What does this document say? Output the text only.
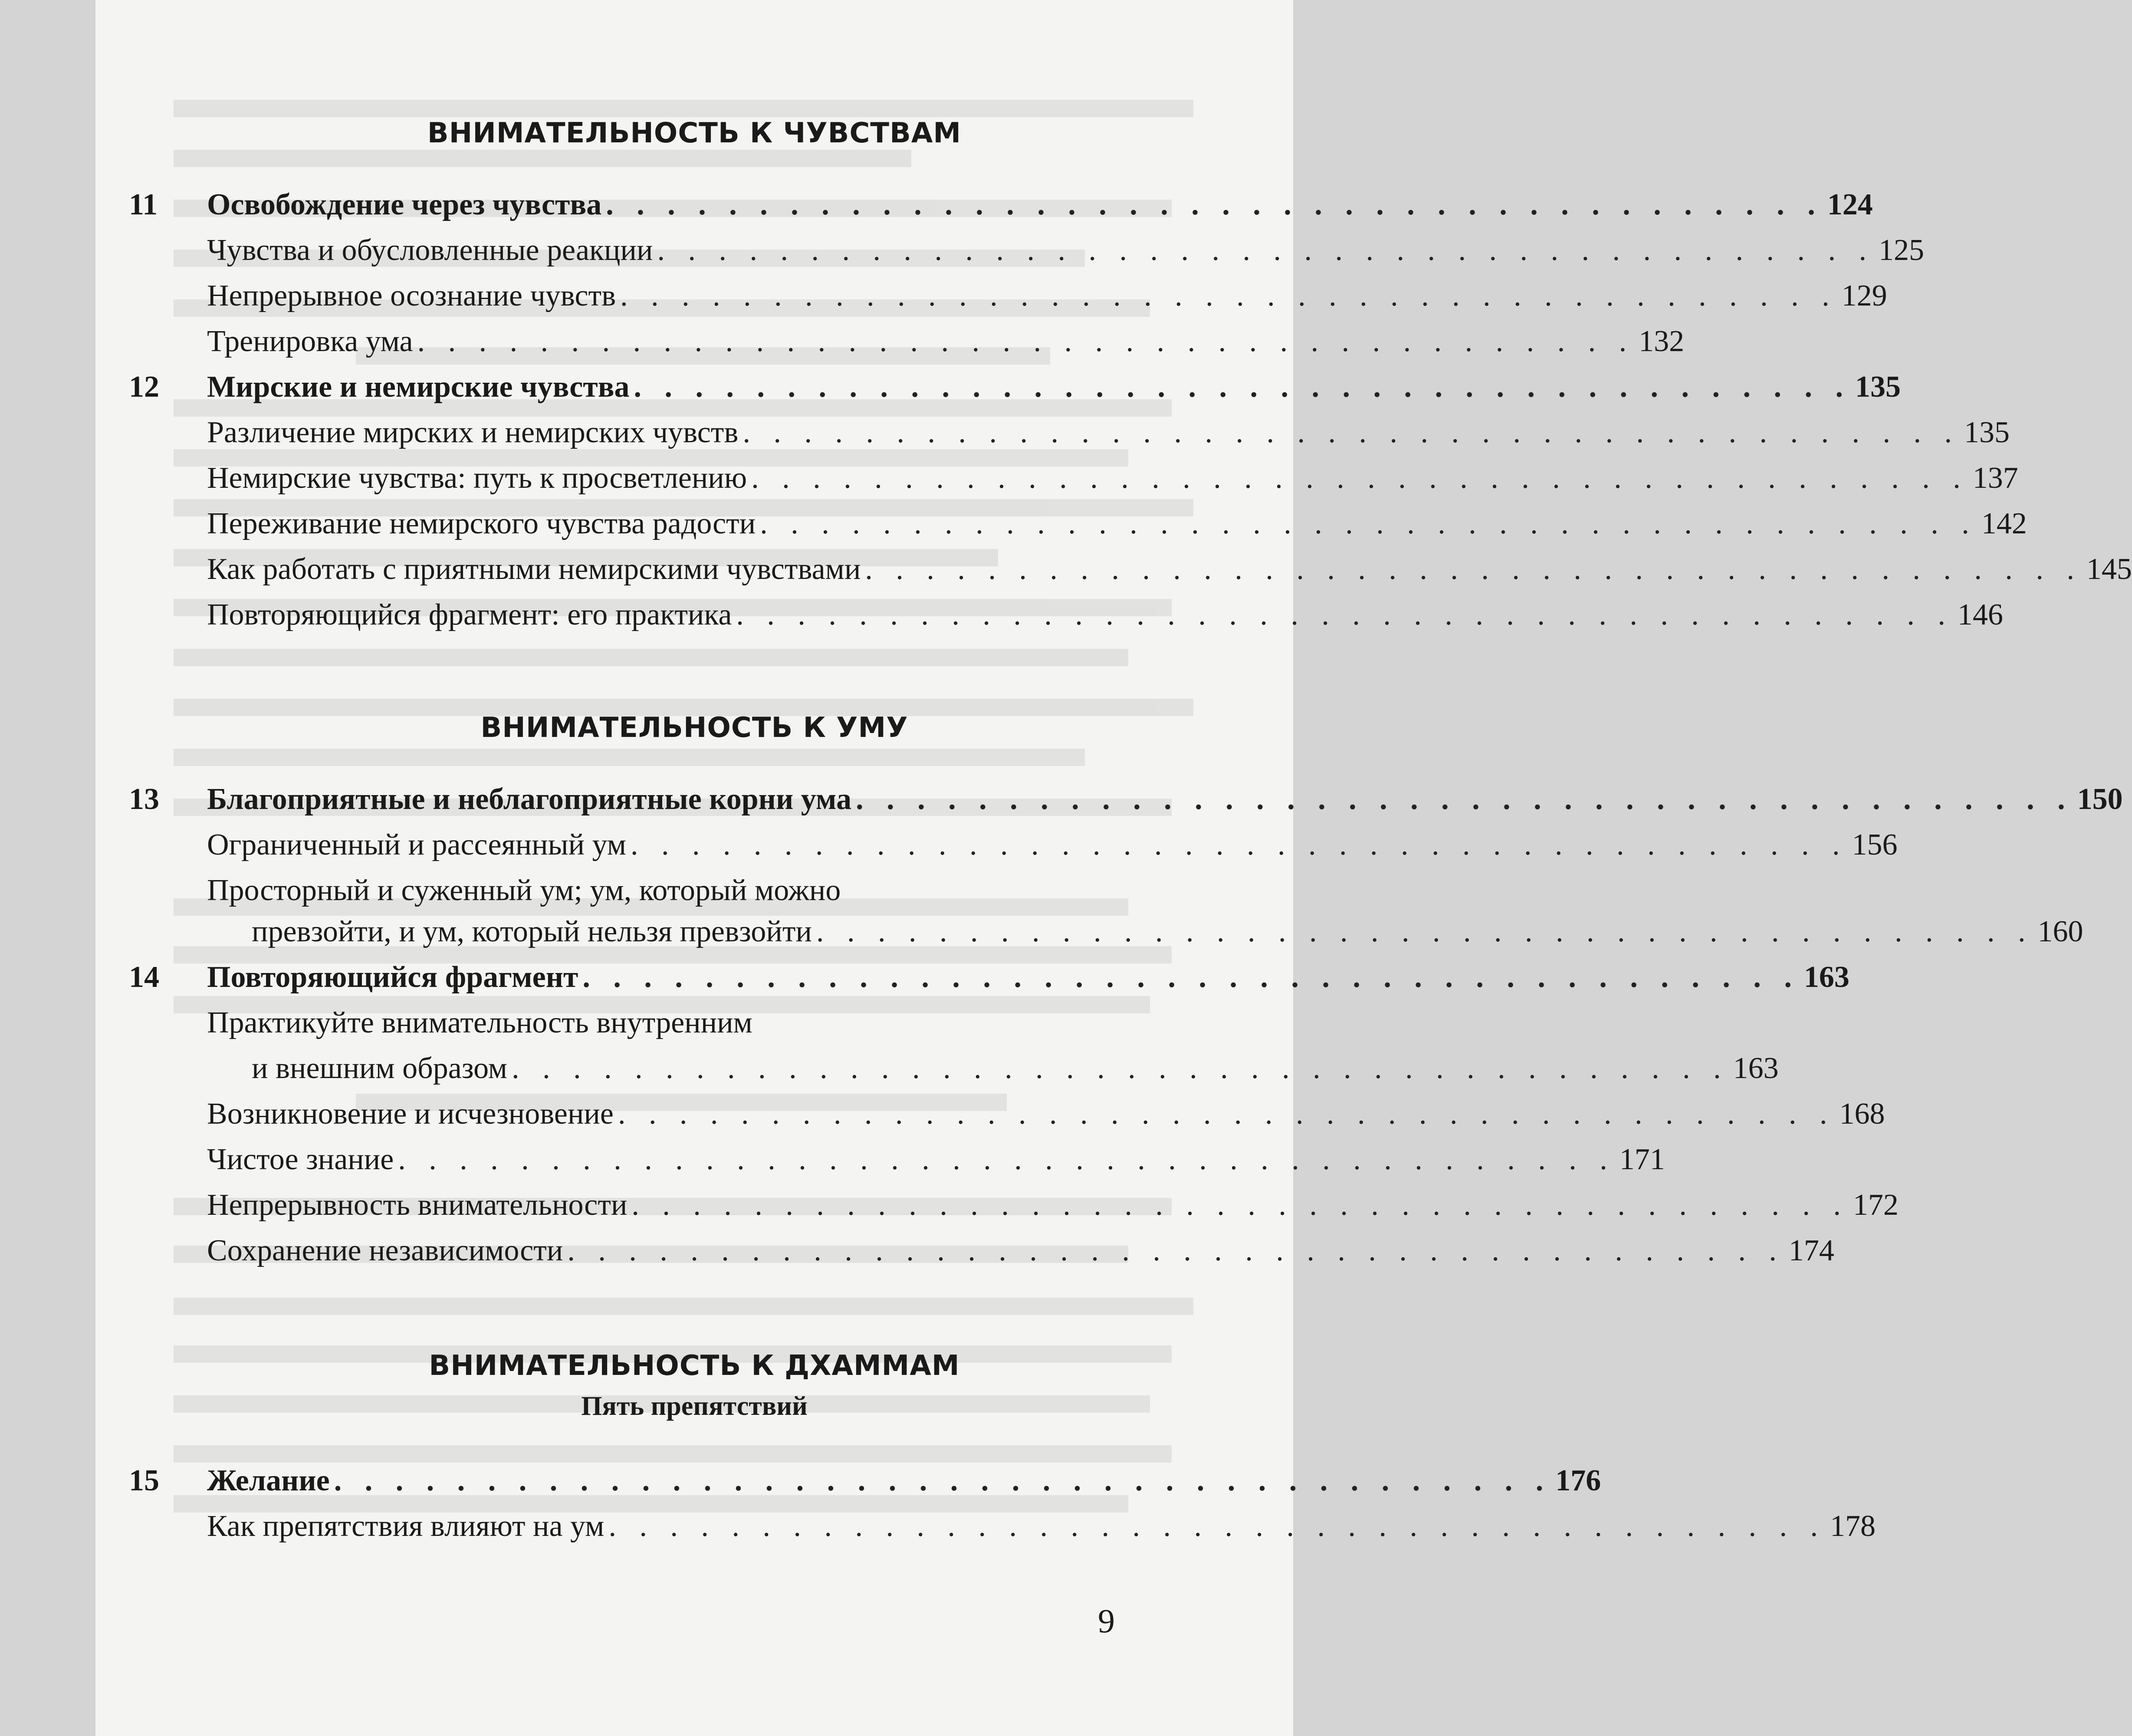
ВНИМАТЕЛЬНОСТЬ К ЧУВСТВАМ
11 Освобождение через чувства . . . . . . . . . . . . . . . . . . . . . . . . . . . . . . . . . . . . . . . . 124
Чувства и обусловленные реакции . . . . . . . . . . . . . . . . . . . . . . . . . . . . . . . . . . . . . . . . 125
Непрерывное осознание чувств . . . . . . . . . . . . . . . . . . . . . . . . . . . . . . . . . . . . . . . . 129
Тренировка ума . . . . . . . . . . . . . . . . . . . . . . . . . . . . . . . . . . . . . . . . 132
12 Мирские и немирские чувства . . . . . . . . . . . . . . . . . . . . . . . . . . . . . . . . . . . . . . . . 135
Различение мирских и немирских чувств . . . . . . . . . . . . . . . . . . . . . . . . . . . . . . . . . . . . . . . . 135
Немирские чувства: путь к просветлению . . . . . . . . . . . . . . . . . . . . . . . . . . . . . . . . . . . . . . . . 137
Переживание немирского чувства радости . . . . . . . . . . . . . . . . . . . . . . . . . . . . . . . . . . . . . . . . 142
Как работать с приятными немирскими чувствами . . . . . . . . . . . . . . . . . . . . . . . . . . . . . . . . . . . . . . . . 145
Повторяющийся фрагмент: его практика . . . . . . . . . . . . . . . . . . . . . . . . . . . . . . . . . . . . . . . . 146
ВНИМАТЕЛЬНОСТЬ К УМУ
13 Благоприятные и неблагоприятные корни ума . . . . . . . . . . . . . . . . . . . . . . . . . . . . . . . . . . . . . . . . 150
Ограниченный и рассеянный ум . . . . . . . . . . . . . . . . . . . . . . . . . . . . . . . . . . . . . . . . 156
Просторный и суженный ум; ум, который можно
превзойти, и ум, который нельзя превзойти . . . . . . . . . . . . . . . . . . . . . . . . . . . . . . . . . . . . . . . . 160
14 Повторяющийся фрагмент . . . . . . . . . . . . . . . . . . . . . . . . . . . . . . . . . . . . . . . . 163
Практикуйте внимательность внутренним
и внешним образом . . . . . . . . . . . . . . . . . . . . . . . . . . . . . . . . . . . . . . . . 163
Возникновение и исчезновение . . . . . . . . . . . . . . . . . . . . . . . . . . . . . . . . . . . . . . . . 168
Чистое знание . . . . . . . . . . . . . . . . . . . . . . . . . . . . . . . . . . . . . . . . 171
Непрерывность внимательности . . . . . . . . . . . . . . . . . . . . . . . . . . . . . . . . . . . . . . . . 172
Сохранение независимости . . . . . . . . . . . . . . . . . . . . . . . . . . . . . . . . . . . . . . . . 174
ВНИМАТЕЛЬНОСТЬ К ДХАММАМ
Пять препятствий
15 Желание . . . . . . . . . . . . . . . . . . . . . . . . . . . . . . . . . . . . . . . . 176
Как препятствия влияют на ум . . . . . . . . . . . . . . . . . . . . . . . . . . . . . . . . . . . . . . . . 178
9
